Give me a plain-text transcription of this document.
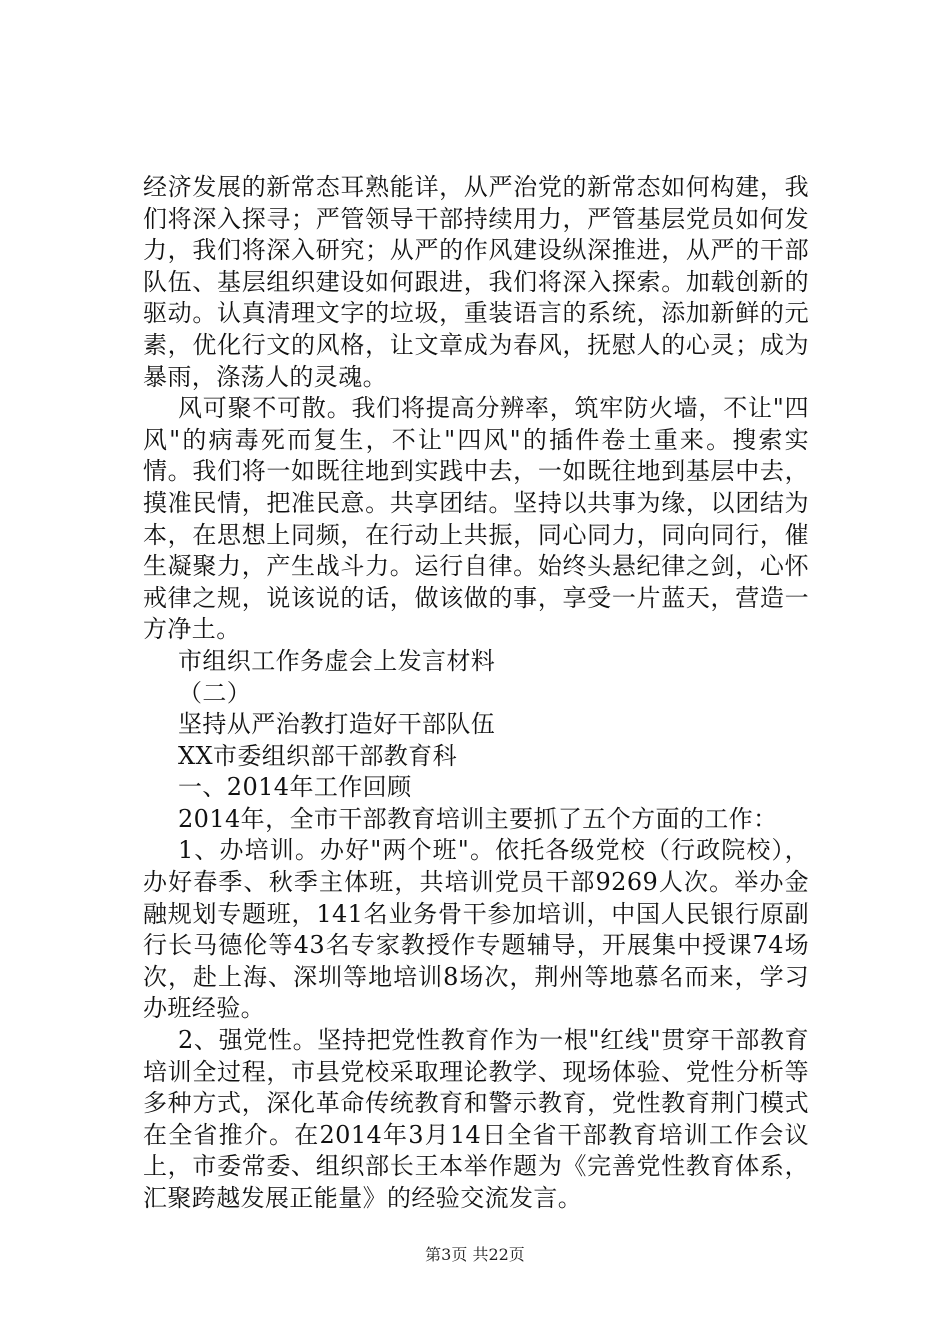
经济发展的新常态耳熟能详，从严治党的新常态如何构建，我们将深入探寻；严管领导干部持续用力，严管基层党员如何发力，我们将深入研究；从严的作风建设纵深推进，从严的干部队伍、基层组织建设如何跟进，我们将深入探索。加载创新的驱动。认真清理文字的垃圾，重装语言的系统，添加新鲜的元素，优化行文的风格，让文章成为春风，抚慰人的心灵；成为暴雨，涤荡人的灵魂。

风可聚不可散。我们将提高分辨率，筑牢防火墙，不让"四风"的病毒死而复生，不让"四风"的插件卷土重来。搜索实情。我们将一如既往地到实践中去，一如既往地到基层中去，摸准民情，把准民意。共享团结。坚持以共事为缘，以团结为本，在思想上同频，在行动上共振，同心同力，同向同行，催生凝聚力，产生战斗力。运行自律。始终头悬纪律之剑，心怀戒律之规，说该说的话，做该做的事，享受一片蓝天，营造一方净土。

市组织工作务虚会上发言材料

（二）

坚持从严治教打造好干部队伍

XX市委组织部干部教育科

一、2014年工作回顾

2014年，全市干部教育培训主要抓了五个方面的工作：

1、办培训。办好"两个班"。依托各级党校（行政院校），办好春季、秋季主体班，共培训党员干部9269人次。举办金融规划专题班，141名业务骨干参加培训，中国人民银行原副行长马德伦等43名专家教授作专题辅导，开展集中授课74场次，赴上海、深圳等地培训8场次，荆州等地慕名而来，学习办班经验。

2、强党性。坚持把党性教育作为一根"红线"贯穿干部教育培训全过程，市县党校采取理论教学、现场体验、党性分析等多种方式，深化革命传统教育和警示教育，党性教育荆门模式在全省推介。在2014年3月14日全省干部教育培训工作会议上，市委常委、组织部长王本举作题为《完善党性教育体系，汇聚跨越发展正能量》的经验交流发言。

第3页 共22页
